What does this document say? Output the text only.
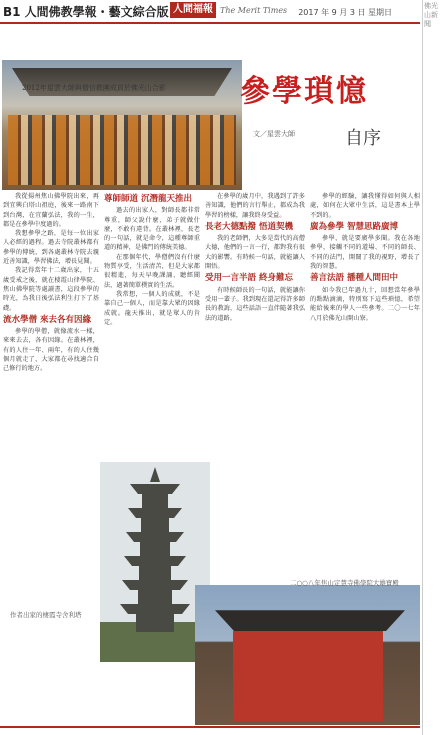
B1 人間佛教學報・藝文綜合版 人間福報 The Merit Times 2017 年 9 月 3 日 星期日
佛光山新聞
2012年星雲大師與僧信教團成員於佛光山合影	參學瑣憶
自序
文／星雲大師

我從揚州焦山佛學院出來，再到宜興白塔山祖庭，後來一路南下到台灣，在宜蘭弘法，我的一生，都是在參學中度過的。

我想參學之路，是每一位出家人必經的過程。過去寺院叢林都有參學的傳統，到各處叢林寺院去親近善知識，學習佛法，增長見聞。

我記得當年十二歲出家，十五歲受戒之後，就在棲霞山律學院、焦山佛學院等處讀書，這段參學的時光，為我日後弘法利生打下了基礎。

流水學僧 來去各有因緣

參學的學僧，就像流水一樣，來來去去，各有因緣。在叢林裡，有的人住一年、兩年，有的人住幾個月就走了，大家都在尋找適合自己修行的地方。

尊師師道 沉潛龍天推出

過去的出家人，對師長都非常尊重，師父說什麼，弟子就做什麼，不敢有違背。在叢林裡，長老的一句話，就是命令，這種尊師重道的精神，是佛門的傳統美德。

在那個年代，學僧們沒有什麼物質享受，生活清苦，但是大家都很精進，每天早晚課誦、聽經聞法，過著簡單樸實的生活。

我常想，一個人的成就，不是靠自己一個人，而是靠大眾的因緣成就。龍天推出，就是眾人的肯定。

在參學的歲月中，我遇到了許多善知識，他們的言行舉止，都成為我學習的榜樣，讓我終身受益。

長老大德點撥 悟道契機

我的老師們，大多是當代的高僧大德，他們的一言一行，都對我有很大的影響。有時候一句話，就能讓人開悟。

受用一言半語 終身難忘

有時候師長的一句話，就能讓你受用一輩子。我到現在還記得許多師長的教誨，這些話語一直伴隨著我弘法的道路。

參學的經驗，讓我懂得如何與人相處，如何在大眾中生活，這是書本上學不到的。

廣為參學 智慧思路廣博

參學，就是要廣學多聞。我在各地參學，接觸不同的道場、不同的師長、不同的法門，開闊了我的視野，增長了我的智慧。

善言法語 播種人間田中

如今我已年過九十，回想當年參學的點點滴滴，特別寫下這些瑣憶，希望能給後來的學人一些參考。二〇一七年八月於佛光山開山寮。

作者出家的棲霞寺舍利塔
二○○八年焦山定慧寺佛學院大雄寶殿
